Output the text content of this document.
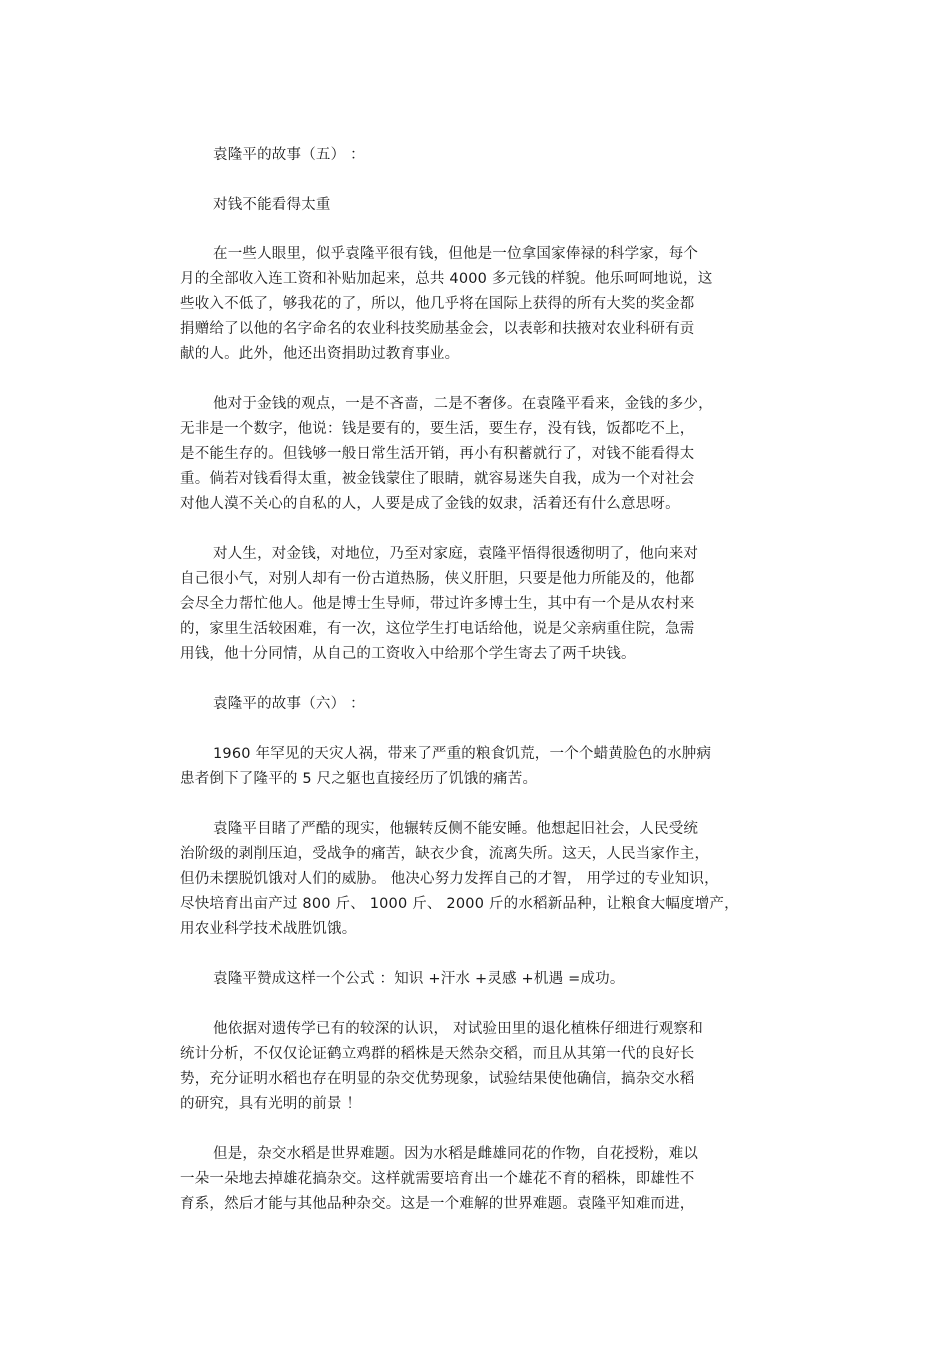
袁隆平的故事（五） ：
对钱不能看得太重
在一些人眼里，似乎袁隆平很有钱，但他是一位拿国家俸禄的科学家，每个
月的全部收入连工资和补贴加起来，总共 4000 多元钱的样貌。他乐呵呵地说，这
些收入不低了，够我花的了，所以，他几乎将在国际上获得的所有大奖的奖金都
捐赠给了以他的名字命名的农业科技奖励基金会，以表彰和扶掖对农业科研有贡
献的人。此外，他还出资捐助过教育事业。
他对于金钱的观点，一是不吝啬，二是不奢侈。在袁隆平看来，金钱的多少，
无非是一个数字，他说：钱是要有的，要生活，要生存，没有钱，饭都吃不上，
是不能生存的。但钱够一般日常生活开销，再小有积蓄就行了，对钱不能看得太
重。倘若对钱看得太重，被金钱蒙住了眼睛，就容易迷失自我，成为一个对社会
对他人漠不关心的自私的人，人要是成了金钱的奴隶，活着还有什么意思呀。
对人生，对金钱，对地位，乃至对家庭，袁隆平悟得很透彻明了，他向来对
自己很小气，对别人却有一份古道热肠，侠义肝胆，只要是他力所能及的，他都
会尽全力帮忙他人。他是博士生导师，带过许多博士生，其中有一个是从农村来
的，家里生活较困难，有一次，这位学生打电话给他，说是父亲病重住院，急需
用钱，他十分同情，从自己的工资收入中给那个学生寄去了两千块钱。
袁隆平的故事（六） ：
1960 年罕见的天灾人祸，带来了严重的粮食饥荒，一个个蜡黄脸色的水肿病
患者倒下了隆平的 5 尺之躯也直接经历了饥饿的痛苦。
袁隆平目睹了严酷的现实，他辗转反侧不能安睡。他想起旧社会，人民受统
治阶级的剥削压迫，受战争的痛苦，缺衣少食，流离失所。这天，人民当家作主，
但仍未摆脱饥饿对人们的威胁。 他决心努力发挥自己的才智， 用学过的专业知识，
尽快培育出亩产过 800 斤、 1000 斤、 2000 斤的水稻新品种，让粮食大幅度增产，
用农业科学技术战胜饥饿。
袁隆平赞成这样一个公式 ：知识 +汗水 +灵感 +机遇 =成功。
他依据对遗传学已有的较深的认识， 对试验田里的退化植株仔细进行观察和
统计分析，不仅仅论证鹤立鸡群的稻株是天然杂交稻，而且从其第一代的良好长
势，充分证明水稻也存在明显的杂交优势现象，试验结果使他确信，搞杂交水稻
的研究，具有光明的前景 ！
但是，杂交水稻是世界难题。因为水稻是雌雄同花的作物，自花授粉，难以
一朵一朵地去掉雄花搞杂交。这样就需要培育出一个雄花不育的稻株，即雄性不
育系，然后才能与其他品种杂交。这是一个难解的世界难题。袁隆平知难而进，
